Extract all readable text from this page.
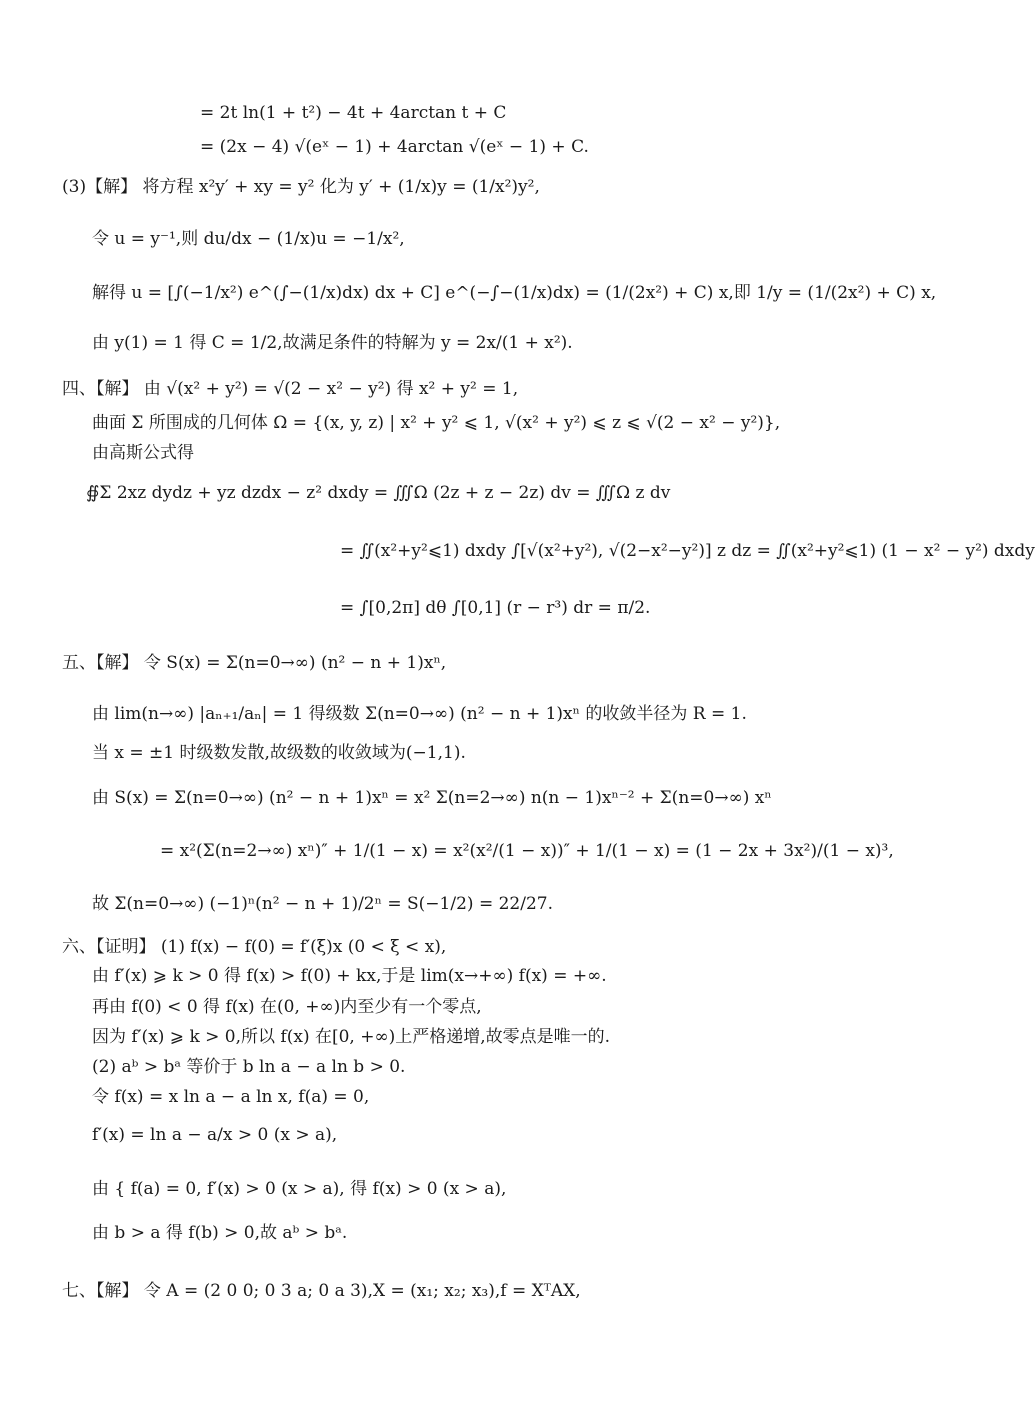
= 2t ln(1 + t²) − 4t + 4arctan t + C
= (2x − 4) √(eˣ − 1) + 4arctan √(eˣ − 1) + C.
(3)【解】 将方程 x²y′ + xy = y² 化为 y′ + (1/x)y = (1/x²)y²,
令 u = y⁻¹,则 du/dx − (1/x)u = −1/x²,
解得 u = [∫(−1/x²) e^(∫−(1/x)dx) dx + C] e^(−∫−(1/x)dx) = (1/(2x²) + C) x,即 1/y = (1/(2x²) + C) x,
由 y(1) = 1 得 C = 1/2,故满足条件的特解为 y = 2x/(1 + x²).
四、【解】 由 √(x² + y²) = √(2 − x² − y²) 得 x² + y² = 1,
曲面 Σ 所围成的几何体 Ω = {(x, y, z) | x² + y² ⩽ 1, √(x² + y²) ⩽ z ⩽ √(2 − x² − y²)},
由高斯公式得
∯Σ 2xz dydz + yz dzdx − z² dxdy = ∭Ω (2z + z − 2z) dv = ∭Ω z dv
= ∬(x²+y²⩽1) dxdy ∫[√(x²+y²), √(2−x²−y²)] z dz = ∬(x²+y²⩽1) (1 − x² − y²) dxdy
= ∫[0,2π] dθ ∫[0,1] (r − r³) dr = π/2.
五、【解】 令 S(x) = Σ(n=0→∞) (n² − n + 1)xⁿ,
由 lim(n→∞) |aₙ₊₁/aₙ| = 1 得级数 Σ(n=0→∞) (n² − n + 1)xⁿ 的收敛半径为 R = 1.
当 x = ±1 时级数发散,故级数的收敛域为(−1,1).
由 S(x) = Σ(n=0→∞) (n² − n + 1)xⁿ = x² Σ(n=2→∞) n(n − 1)xⁿ⁻² + Σ(n=0→∞) xⁿ
= x²(Σ(n=2→∞) xⁿ)″ + 1/(1 − x) = x²(x²/(1 − x))″ + 1/(1 − x) = (1 − 2x + 3x²)/(1 − x)³,
故 Σ(n=0→∞) (−1)ⁿ(n² − n + 1)/2ⁿ = S(−1/2) = 22/27.
六、【证明】 (1) f(x) − f(0) = f′(ξ)x (0 < ξ < x),
由 f′(x) ⩾ k > 0 得 f(x) > f(0) + kx,于是 lim(x→+∞) f(x) = +∞.
再由 f(0) < 0 得 f(x) 在(0, +∞)内至少有一个零点,
因为 f′(x) ⩾ k > 0,所以 f(x) 在[0, +∞)上严格递增,故零点是唯一的.
(2) aᵇ > bᵃ 等价于 b ln a − a ln b > 0.
令 f(x) = x ln a − a ln x, f(a) = 0,
f′(x) = ln a − a/x > 0 (x > a),
由 { f(a) = 0, f′(x) > 0 (x > a), 得 f(x) > 0 (x > a),
由 b > a 得 f(b) > 0,故 aᵇ > bᵃ.
七、【解】 令 A = (2 0 0; 0 3 a; 0 a 3),X = (x₁; x₂; x₃),f = XᵀAX,
